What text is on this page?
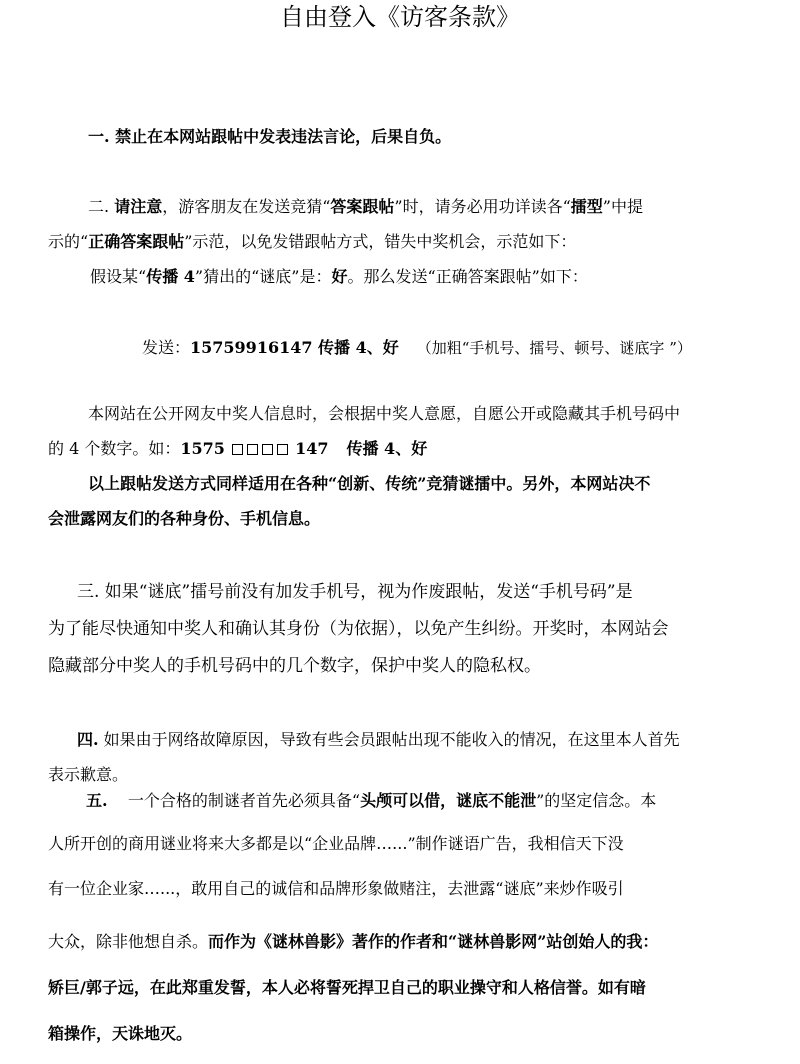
自由登入《访客条款》
一. 禁止在本网站跟帖中发表违法言论，后果自负。
二. 请注意，游客朋友在发送竞猜“答案跟帖”时，请务必用功详读各“擂型”中提
示的“正确答案跟帖”示范，以免发错跟帖方式，错失中奖机会，示范如下：
假设某“传播 4”猜出的“谜底”是：好。那么发送“正确答案跟帖”如下：
发送：15759916147 传播 4、好 （加粗“手机号、擂号、顿号、谜底字 ”）
本网站在公开网友中奖人信息时，会根据中奖人意愿，自愿公开或隐藏其手机号码中
的 4 个数字。如：1575	147 传播 4、好
以上跟帖发送方式同样适用在各种“创新、传统”竞猜谜擂中。另外，本网站决不
会泄露网友们的各种身份、手机信息。
三. 如果“谜底”擂号前没有加发手机号，视为作废跟帖，发送“手机号码”是
为了能尽快通知中奖人和确认其身份（为依据），以免产生纠纷。开奖时，本网站会
隐藏部分中奖人的手机号码中的几个数字，保护中奖人的隐私权。
四. 如果由于网络故障原因，导致有些会员跟帖出现不能收入的情况，在这里本人首先
表示歉意。
五.    一个合格的制谜者首先必须具备“头颅可以借，谜底不能泄”的坚定信念。本
人所开创的商用谜业将来大多都是以“企业品牌…...”制作谜语广告，我相信天下没
有一位企业家…...，敢用自己的诚信和品牌形象做赌注，去泄露“谜底”来炒作吸引
大众，除非他想自杀。而作为《谜林兽影》著作的作者和“谜林兽影网”站创始人的我：
矫巨/郭子远，在此郑重发誓，本人必将誓死捍卫自己的职业操守和人格信誉。如有暗
箱操作，天诛地灭。
